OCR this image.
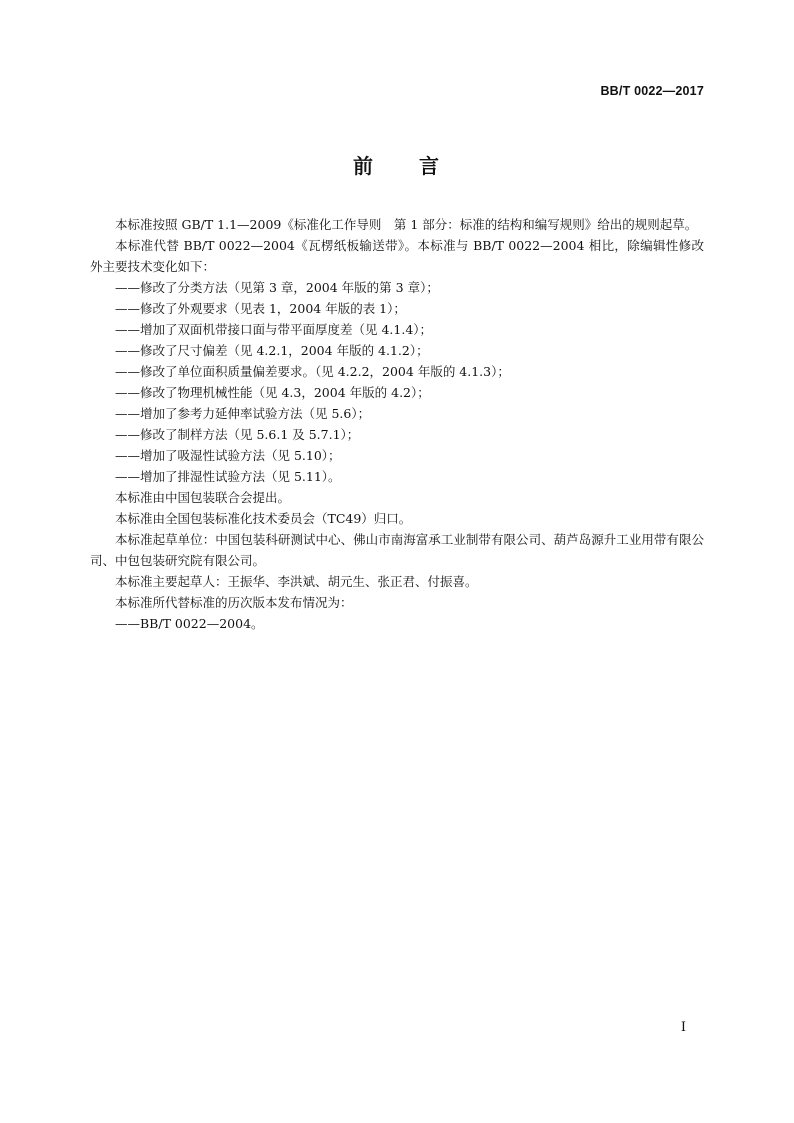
BB/T 0022—2017
前　　言

本标准按照 GB/T 1.1—2009《标准化工作导则　第 1 部分：标准的结构和编写规则》给出的规则起草。

本标准代替 BB/T 0022—2004《瓦楞纸板输送带》。本标准与 BB/T 0022—2004 相比，除编辑性修改外主要技术变化如下：

——修改了分类方法（见第 3 章，2004 年版的第 3 章）；

——修改了外观要求（见表 1，2004 年版的表 1）；

——增加了双面机带接口面与带平面厚度差（见 4.1.4）；

——修改了尺寸偏差（见 4.2.1，2004 年版的 4.1.2）；

——修改了单位面积质量偏差要求。（见 4.2.2，2004 年版的 4.1.3）；

——修改了物理机械性能（见 4.3，2004 年版的 4.2）；

——增加了参考力延伸率试验方法（见 5.6）；

——修改了制样方法（见 5.6.1 及 5.7.1）；

——增加了吸湿性试验方法（见 5.10）；

——增加了排湿性试验方法（见 5.11）。

本标准由中国包装联合会提出。

本标准由全国包装标准化技术委员会（TC49）归口。

本标准起草单位：中国包装科研测试中心、佛山市南海富承工业制带有限公司、葫芦岛源升工业用带有限公司、中包包装研究院有限公司。

本标准主要起草人：王振华、李洪斌、胡元生、张正君、付振喜。

本标准所代替标准的历次版本发布情况为：

——BB/T 0022—2004。

I
